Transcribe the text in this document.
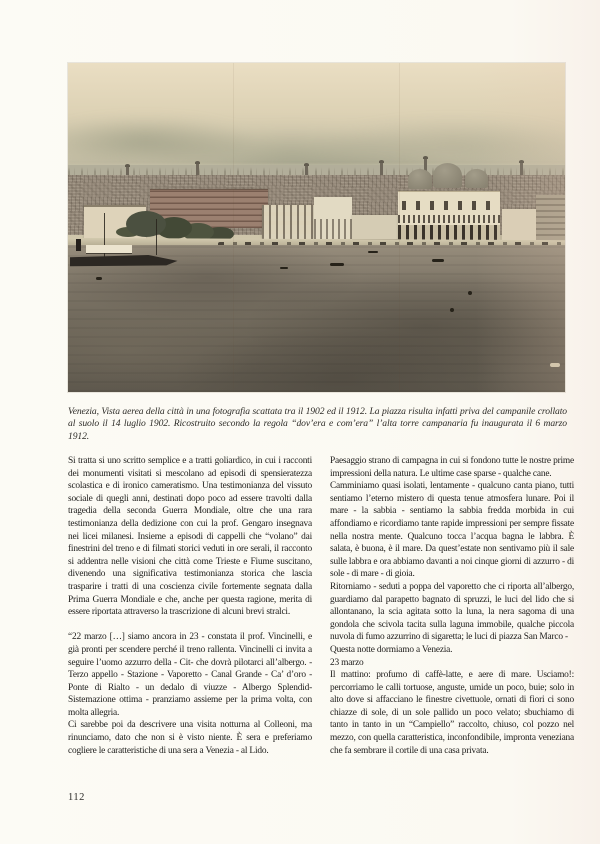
Venezia, Vista aerea della città in una fotografia scattata tra il 1902 ed il 1912. La piazza risulta infatti priva del campanile crollato al suolo il 14 luglio 1902. Ricostruito secondo la regola “dov’era e com’era” l’alta torre campanaria fu inaugurata il 6 marzo 1912.

Si tratta si uno scritto semplice e a tratti goliardico, in cui i racconti dei monumenti visitati si mescolano ad episodi di spensieratezza scolastica e di ironico cameratismo. Una testimonianza del vissuto sociale di quegli anni, destinati dopo poco ad essere travolti dalla tragedia della seconda Guerra Mondiale, oltre che una rara testimonianza della dedizione con cui la prof. Gengaro insegnava nei licei milanesi. Insieme a episodi di cappelli che “volano” dai finestrini del treno e di filmati storici veduti in ore serali, il racconto si addentra nelle visioni che città come Trieste e Fiume suscitano, divenendo una significativa testimonianza storica che lascia trasparire i tratti di una coscienza civile fortemente segnata dalla Prima Guerra Mondiale e che, anche per questa ragione, merita di essere riportata attraverso la trascrizione di alcuni brevi stralci.

“22 marzo […] siamo ancora in 23 - constata il prof. Vincinelli, e già pronti per scendere perché il treno rallenta. Vincinelli ci invita a seguire l’uomo azzurro della - Cit- che dovrà pilotarci all’albergo. - Terzo appello - Stazione - Vaporetto - Canal Grande - Ca’ d’oro - Ponte di Rialto - un dedalo di viuzze - Albergo Splendid- Sistemazione ottima - pranziamo assieme per la prima volta, con molta allegria.

Ci sarebbe poi da descrivere una visita notturna al Colleoni, ma rinunciamo, dato che non si è visto niente. È sera e preferiamo cogliere le caratteristiche di una sera a Venezia - al Lido.

Paesaggio strano di campagna in cui si fondono tutte le nostre prime impressioni della natura. Le ultime case sparse - qualche cane.

Camminiamo quasi isolati, lentamente - qualcuno canta piano, tutti sentiamo l’eterno mistero di questa tenue atmosfera lunare. Poi il mare - la sabbia - sentiamo la sabbia fredda morbida in cui affondiamo e ricordiamo tante rapide impressioni per sempre fissate nella nostra mente. Qualcuno tocca l’acqua bagna le labbra. È salata, è buona, è il mare. Da quest’estate non sentivamo più il sale sulle labbra e ora abbiamo davanti a noi cinque giorni di azzurro - di sole - di mare - di gioia.

Ritorniamo - seduti a poppa del vaporetto che ci riporta all’albergo, guardiamo dal parapetto bagnato di spruzzi, le luci del lido che si allontanano, la scia agitata sotto la luna, la nera sagoma di una gondola che scivola tacita sulla laguna immobile, qualche piccola nuvola di fumo azzurrino di sigaretta; le luci di piazza San Marco -

Questa notte dormiamo a Venezia.

23 marzo

Il mattino: profumo di caffè-latte, e aere di mare. Usciamo!: percorriamo le calli tortuose, anguste, umide un poco, buie; solo in alto dove si affacciano le finestre civettuole, ornati di fiori ci sono chiazze di sole, di un sole pallido un poco velato; sbuchiamo di tanto in tanto in un “Campiello” raccolto, chiuso, col pozzo nel mezzo, con quella caratteristica, inconfondibile, impronta veneziana che fa sembrare il cortile di una casa privata.

112
